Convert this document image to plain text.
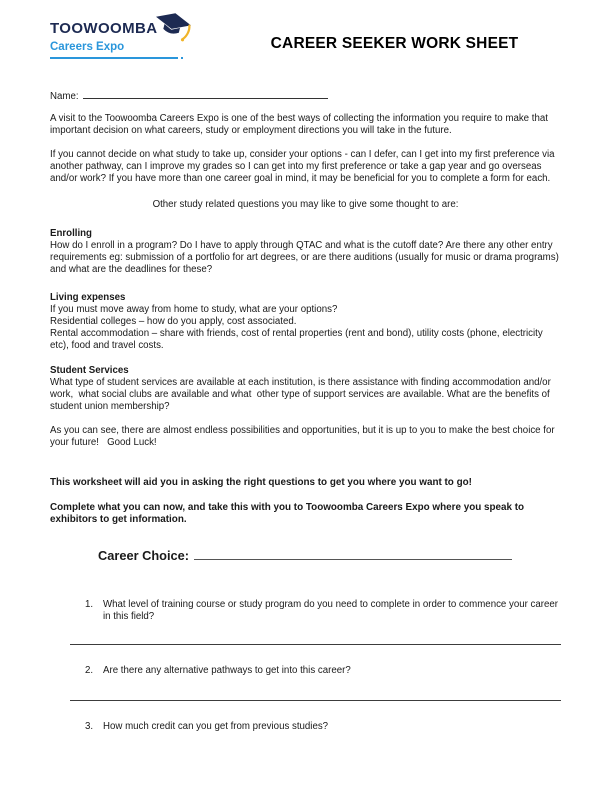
TOOWOOMBA
Careers Expo	CAREER SEEKER WORK SHEET
Name:

A visit to the Toowoomba Careers Expo is one of the best ways of collecting the information you require to make that important decision on what careers, study or employment directions you will take in the future.

If you cannot decide on what study to take up, consider your options - can I defer, can I get into my first preference via another pathway, can I improve my grades so I can get into my first preference or take a gap year and go overseas and/or work? If you have more than one career goal in mind, it may be beneficial for you to complete a form for each.

Other study related questions you may like to give some thought to are:

Enrolling

How do I enroll in a program? Do I have to apply through QTAC and what is the cutoff date? Are there any other entry requirements eg: submission of a portfolio for art degrees, or are there auditions (usually for music or drama programs) and what are the deadlines for these?

Living expenses
If you must move away from home to study, what are your options?
Residential colleges – how do you apply, cost associated.
Rental accommodation – share with friends, cost of rental properties (rent and bond), utility costs (phone, electricity etc), food and travel costs.
Student Services

What type of student services are available at each institution, is there assistance with finding accommodation and/or work,  what social clubs are available and what  other type of support services are available. What are the benefits of student union membership?

As you can see, there are almost endless possibilities and opportunities, but it is up to you to make the best choice for your future!   Good Luck!

This worksheet will aid you in asking the right questions to get you where you want to go!

Complete what you can now, and take this with you to Toowoomba Careers Expo where you speak to exhibitors to get information.

Career Choice:
1.	What level of training course or study program do you need to complete in order to commence your career in this field?
2.	Are there any alternative pathways to get into this career?
3.	How much credit can you get from previous studies?
